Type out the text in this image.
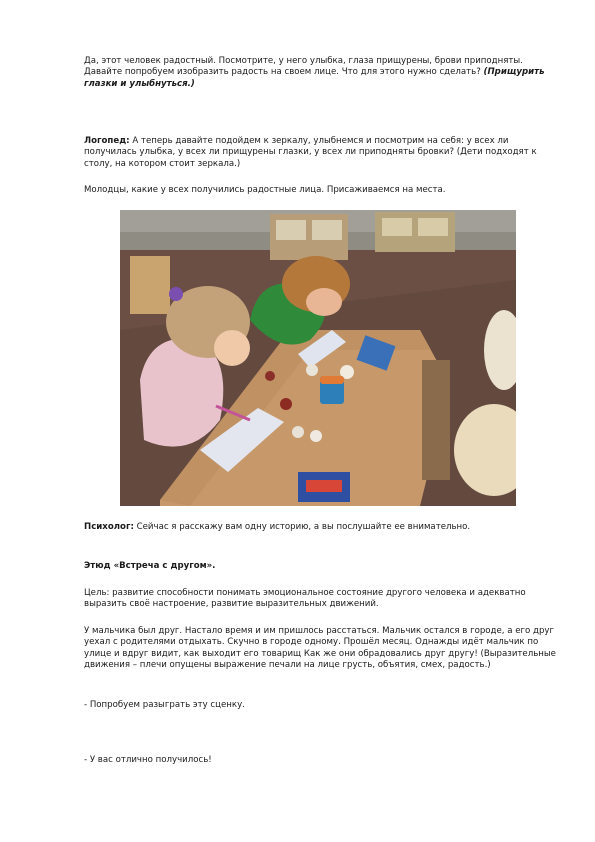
Да, этот человек радостный. Посмотрите, у него улыбка, глаза прищурены, брови приподняты. Давайте попробуем изобразить радость на своем лице. Что для этого нужно сделать? (Прищурить глазки и улыбнуться.)

Логопед: А теперь давайте подойдем к зеркалу, улыбнемся и посмотрим на себя: у всех ли получилась улыбка, у всех ли прищурены глазки, у всех ли приподняты бровки? (Дети подходят к столу, на котором стоит зеркала.)

Молодцы, какие у всех получились радостные лица. Присаживаемся на места.

Психолог: Сейчас я расскажу вам одну историю, а вы послушайте ее внимательно.

Этюд «Встреча с другом».

Цель: развитие способности понимать эмоциональное состояние другого человека и адекватно выразить своё настроение, развитие выразительных движений.

У мальчика был друг. Настало время и им пришлось расстаться. Мальчик остался в городе, а его друг уехал с родителями отдыхать. Скучно в городе одному. Прошёл месяц. Однажды идёт мальчик по улице и вдруг видит, как выходит его товарищ Как же они обрадовались друг другу! (Выразительные движения – плечи опущены выражение печали на лице грусть, объятия, смех, радость.)

- Попробуем разыграть эту сценку.

- У вас отлично получилось!
